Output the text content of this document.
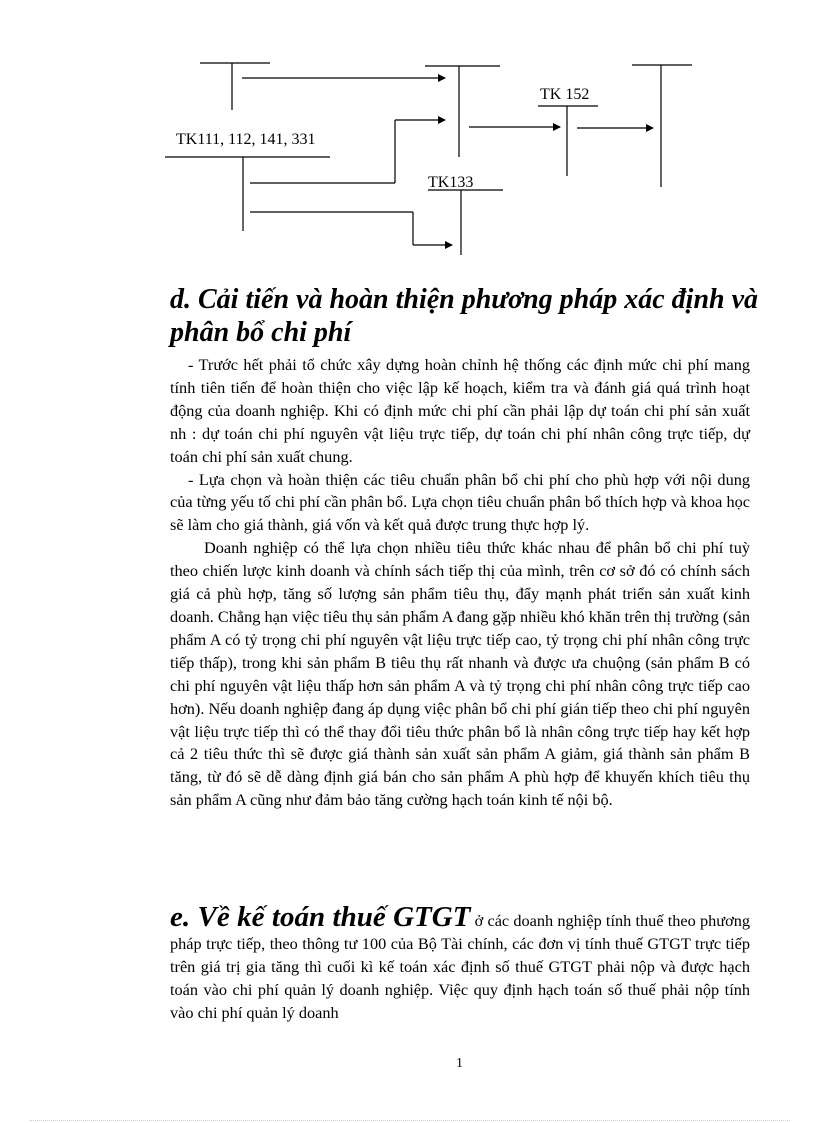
TK 152
TK111, 112, 141, 331
TK133
d. Cải tiến và hoàn thiện phương pháp xác định và phân bổ chi phí

- Trước hết phải tổ chức xây dựng hoàn chỉnh hệ thống các định mức chi phí mang tính tiên tiến để hoàn thiện cho việc lập kế hoạch, kiểm tra và đánh giá quá trình hoạt động của doanh nghiệp. Khi có định mức chi phí cần phải lập dự toán chi phí sản xuất nh : dự toán chi phí nguyên vật liệu trực tiếp, dự toán chi phí nhân công trực tiếp, dự toán chi phí sản xuất chung.

- Lựa chọn và hoàn thiện các tiêu chuẩn phân bổ chi phí cho phù hợp với nội dung của từng yếu tố chi phí cần phân bổ. Lựa chọn tiêu chuẩn phân bổ thích hợp và khoa học sẽ làm cho giá thành, giá vốn và kết quả được trung thực hợp lý.

Doanh nghiệp có thể lựa chọn nhiều tiêu thức khác nhau để phân bổ chi phí tuỳ theo chiến lược kinh doanh và chính sách tiếp thị của mình, trên cơ sở đó có chính sách giá cả phù hợp, tăng số lượng sản phẩm tiêu thụ, đẩy mạnh phát triển sản xuất kinh doanh. Chẳng hạn việc tiêu thụ sản phẩm A đang gặp nhiều khó khăn trên thị trường (sản phẩm A có tỷ trọng chi phí nguyên vật liệu trực tiếp cao, tỷ trọng chi phí nhân công trực tiếp thấp), trong khi sản phẩm B tiêu thụ rất nhanh và được ưa chuộng (sản phẩm B có chi phí nguyên vật liệu thấp hơn sản phẩm A và tỷ trọng chi phí nhân công trực tiếp cao hơn). Nếu doanh nghiệp đang áp dụng việc phân bổ chi phí gián tiếp theo chi phí nguyên vật liệu trực tiếp thì có thể thay đổi tiêu thức phân bổ là nhân công trực tiếp hay kết hợp cả 2 tiêu thức thì sẽ được giá thành sản xuất sản phẩm A giảm, giá thành sản phẩm B tăng, từ đó sẽ dễ dàng định giá bán cho sản phẩm A phù hợp để khuyến khích tiêu thụ sản phẩm A cũng như đảm bảo tăng cường hạch toán kinh tế nội bộ.

e. Về kế toán thuế GTGT ở các doanh nghiệp tính thuế theo phương pháp trực tiếp, theo thông tư 100 của Bộ Tài chính, các đơn vị tính thuế GTGT trực tiếp trên giá trị gia tăng thì cuối kì kế toán xác định số thuế GTGT phải nộp và được hạch toán vào chi phí quản lý doanh nghiệp. Việc quy định hạch toán số thuế phải nộp tính vào chi phí quản lý doanh

1
